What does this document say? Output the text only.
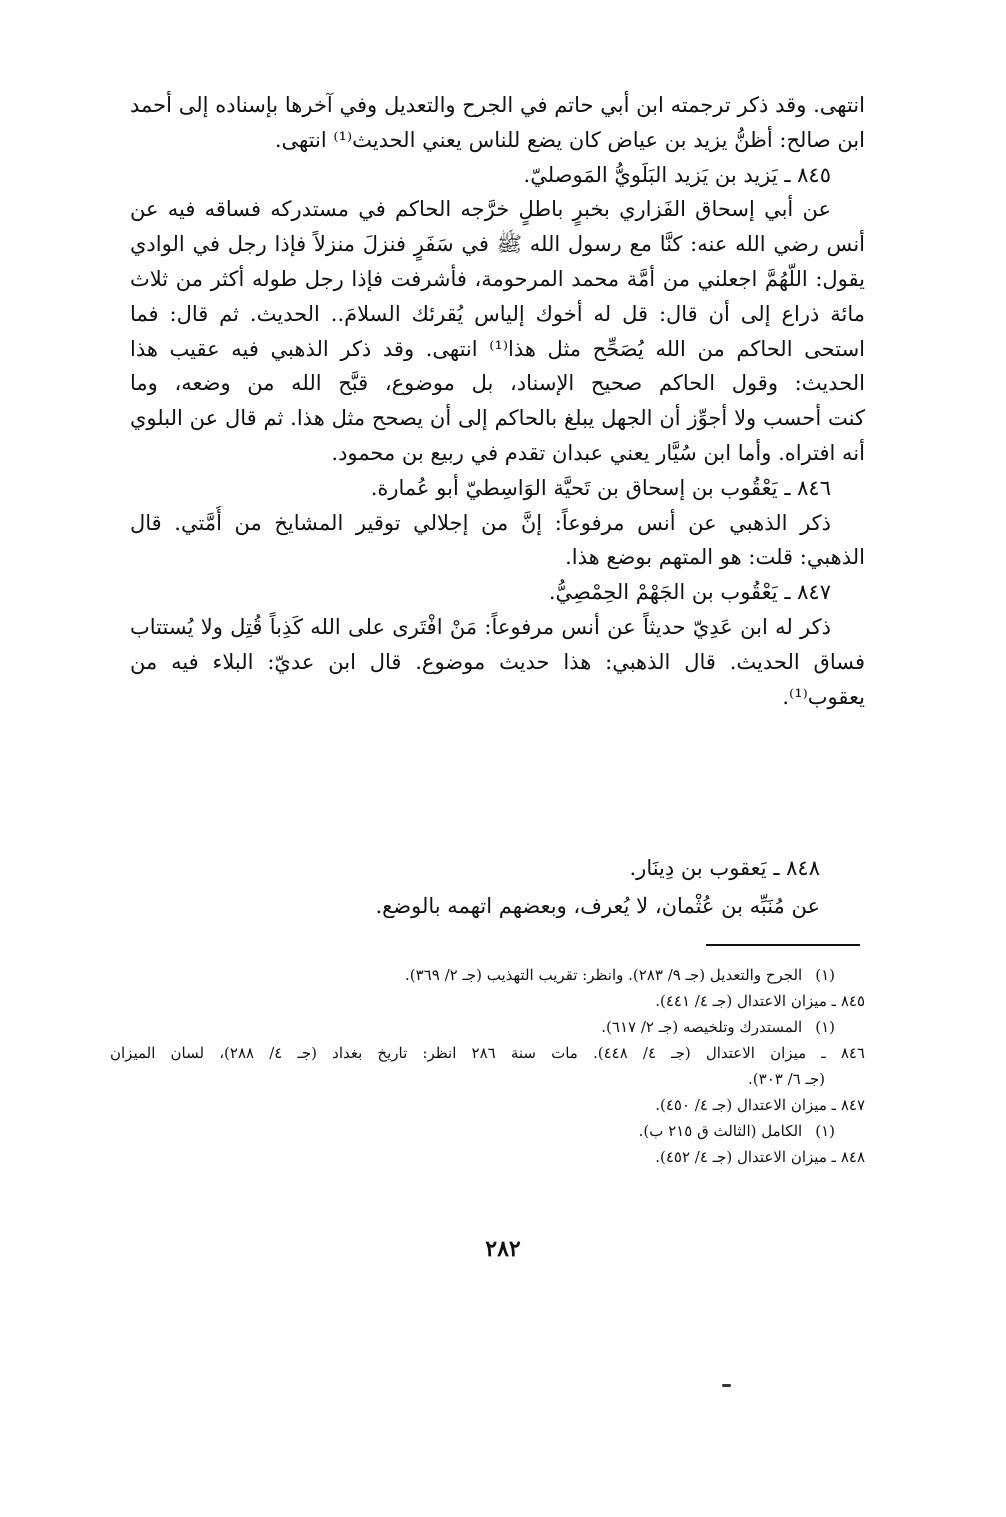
انتهى. وقد ذكر ترجمته ابن أبي حاتم في الجرح والتعديل وفي آخرها بإسناده إلى أحمد
ابن صالح: أظنُّ يزيد بن عياض كان يضع للناس يعني الحديث⁽¹⁾ انتهى.
٨٤٥ ـ يَزيد بن يَزيد البَلَويُّ المَوصليّ.
عن أبي إسحاق الفَزاري بخبرٍ باطلٍ خرَّجه الحاكم في مستدركه فساقه فيه عن
أنس رضي الله عنه: كنَّا مع رسول الله ﷺ في سَفَرٍ فنزلَ منزلاً فإذا رجل في الوادي
يقول: اللّهُمَّ اجعلني من أمَّة محمد المرحومة، فأشرفت فإذا رجل طوله أكثر من ثلاث
مائة ذراع إلى أن قال: قل له أخوك إلياس يُقرئك السلامَ.. الحديث. ثم قال: فما
استحى الحاكم من الله يُصَحِّح مثل هذا⁽¹⁾ انتهى. وقد ذكر الذهبي فيه عقيب هذا
الحديث: وقول الحاكم صحيح الإسناد، بل موضوع، قبَّح الله من وضعه، وما
كنت أحسب ولا أجوِّز أن الجهل يبلغ بالحاكم إلى أن يصحح مثل هذا. ثم قال عن البلوي
أنه افتراه. وأما ابن سُيَّار يعني عبدان تقدم في ربيع بن محمود.
٨٤٦ ـ يَعْقُوب بن إسحاق بن تَحيَّة الوَاسِطيّ أبو عُمارة.
ذكر الذهبي عن أنس مرفوعاً: إنَّ من إجلالي توقير المشايخ من أُمَّتي. قال
الذهبي: قلت: هو المتهم بوضع هذا.
٨٤٧ ـ يَعْقُوب بن الجَهْمْ الحِمْصِيُّ.
ذكر له ابن عَدِيّ حديثاً عن أنس مرفوعاً: مَنْ افْتَرى على الله كَذِباً قُتِل ولا يُستتاب
فساق الحديث. قال الذهبي: هذا حديث موضوع. قال ابن عديّ: البلاء فيه من
يعقوب⁽¹⁾.
٨٤٨ ـ يَعقوب بن دِينَار.
عن مُنَبِّه بن عُثْمان، لا يُعرف، وبعضهم اتهمه بالوضع.
(١) الجرح والتعديل (جـ ٩/ ٢٨٣). وانظر: تقريب التهذيب (جـ ٢/ ٣٦٩).
٨٤٥ ـ ميزان الاعتدال (جـ ٤/ ٤٤١).
(١) المستدرك وتلخيصه (جـ ٢/ ٦١٧).
٨٤٦ ـ ميزان الاعتدال (جـ ٤/ ٤٤٨). مات سنة ٢٨٦ انظر: تاريخ بغداد (جـ ٤/ ٢٨٨)، لسان الميزان
(جـ ٦/ ٣٠٣).
٨٤٧ ـ ميزان الاعتدال (جـ ٤/ ٤٥٠).
(١) الكامل (الثالث ق ٢١٥ ب).
٨٤٨ ـ ميزان الاعتدال (جـ ٤/ ٤٥٢).
٢٨٢
